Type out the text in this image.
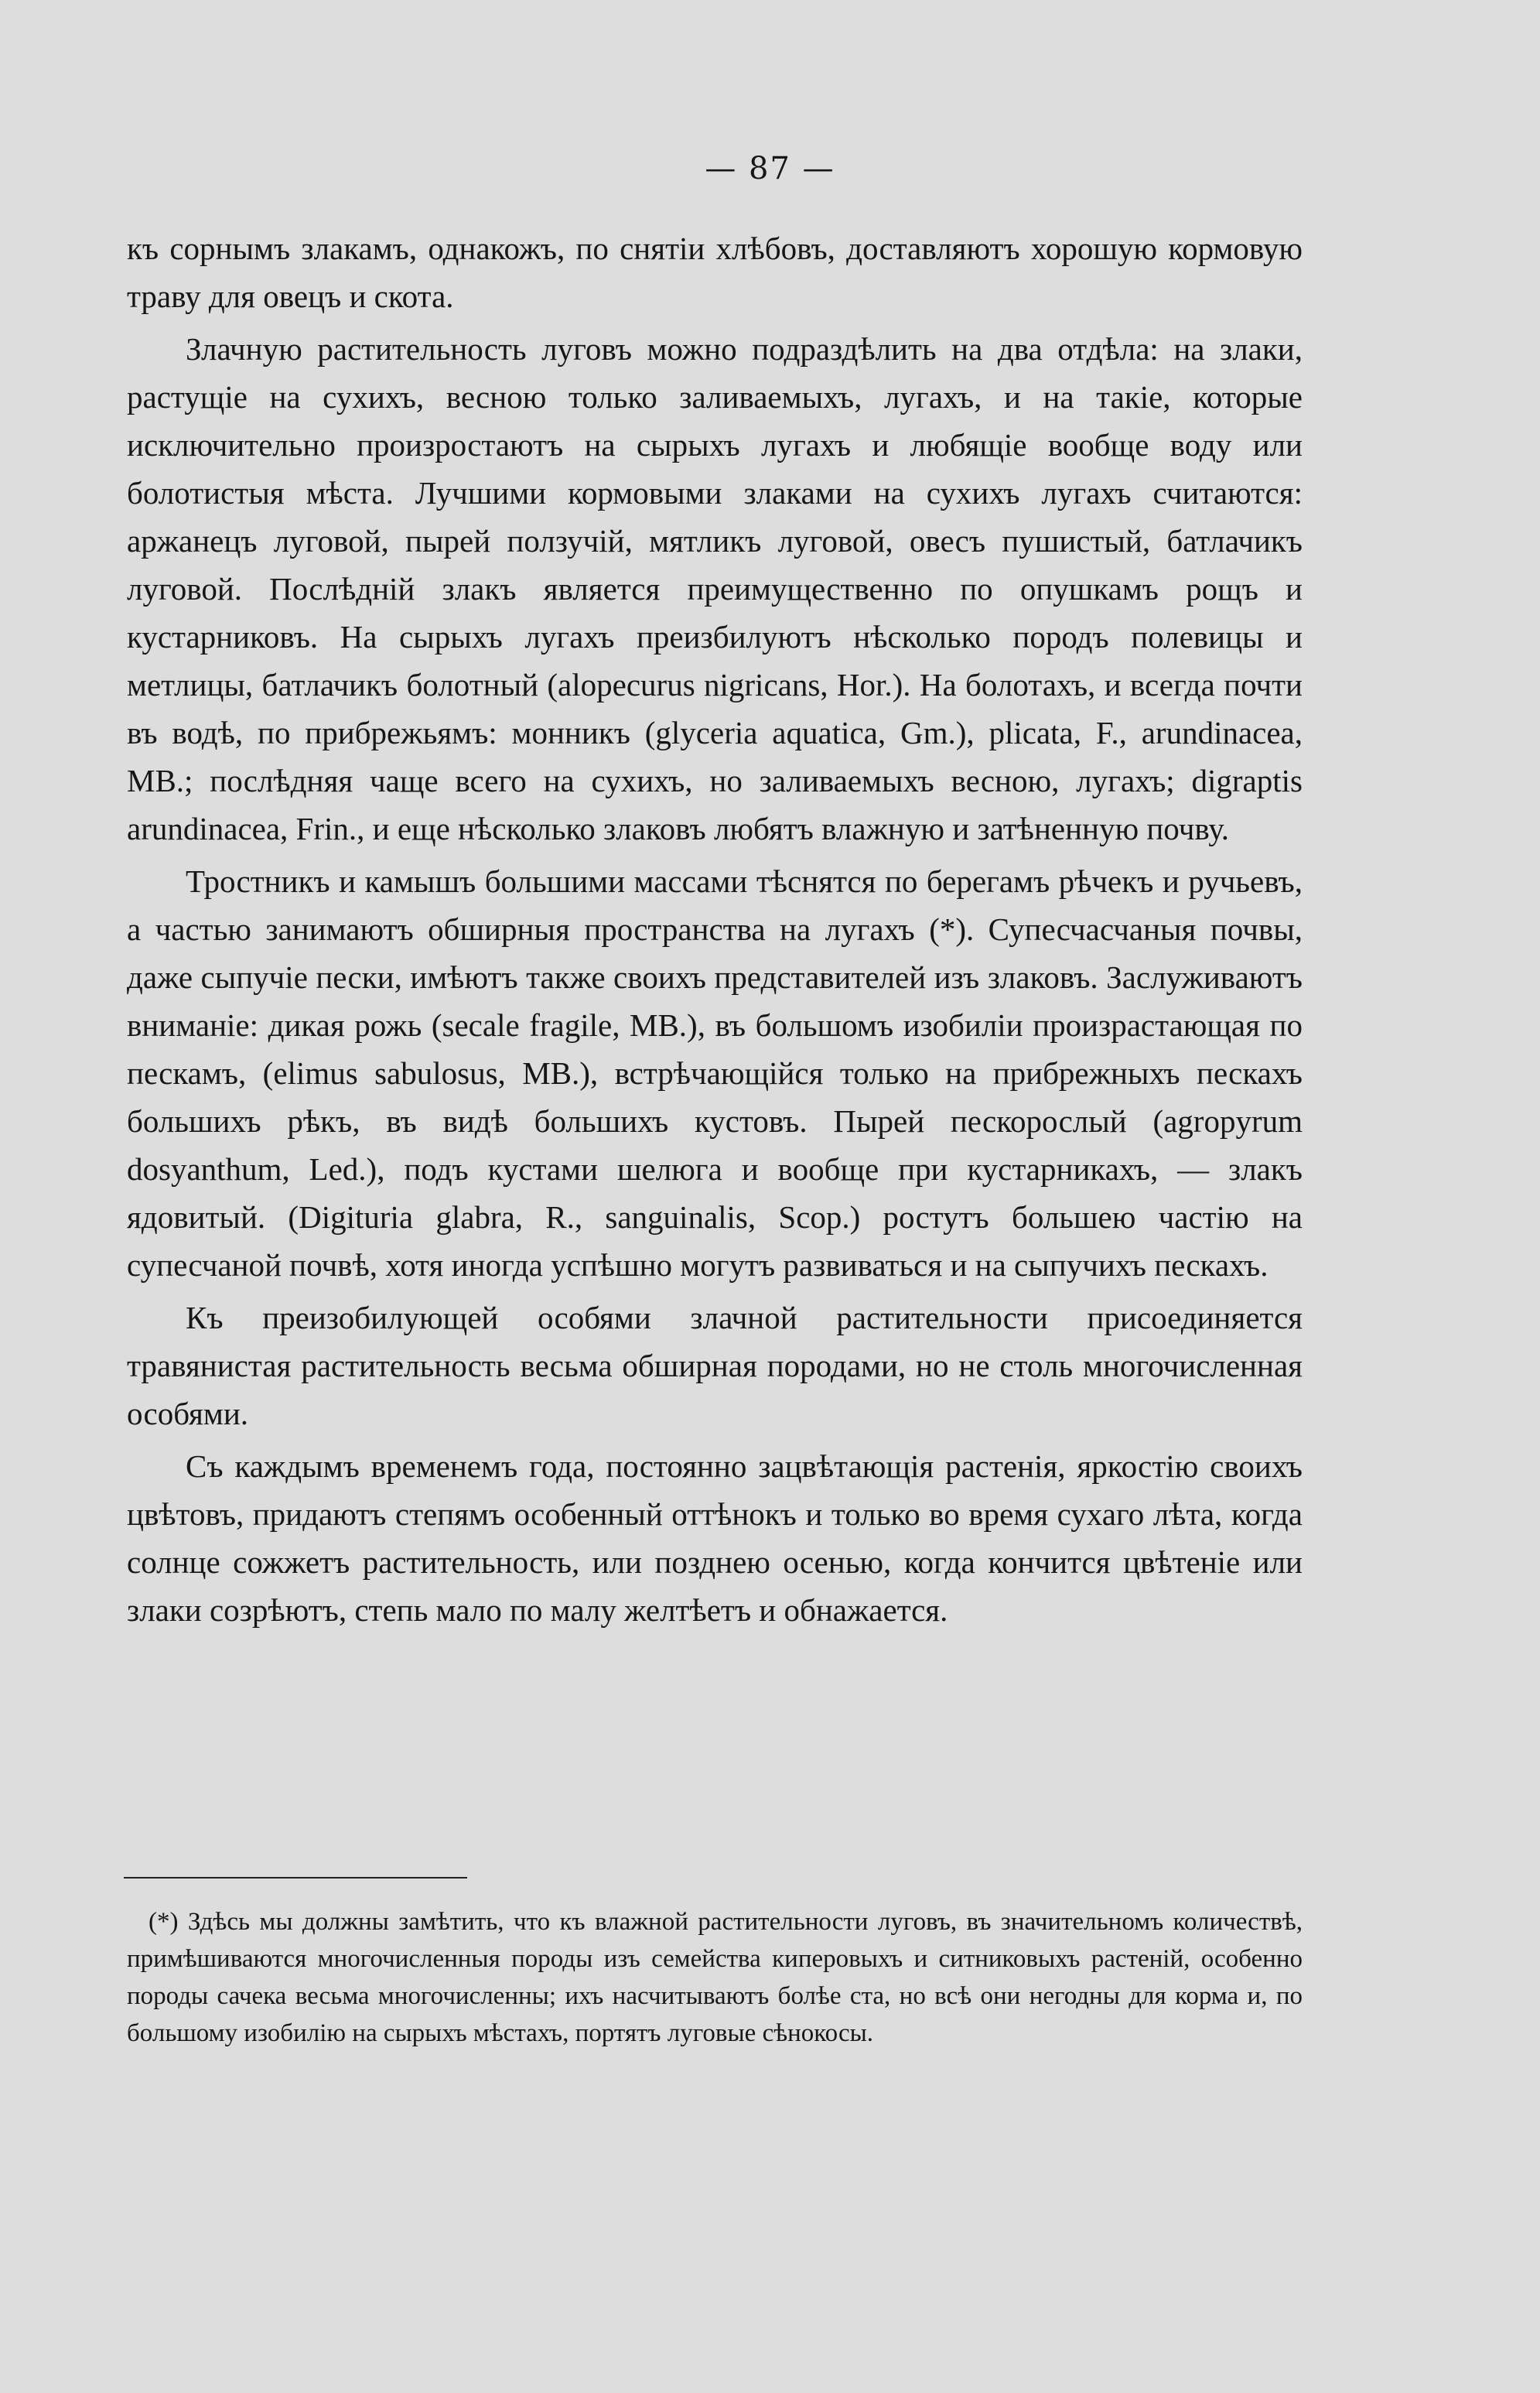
— 87 —

къ сорнымъ злакамъ, однакожъ, по снятіи хлѣбовъ, доставляютъ хорошую кормовую траву для овецъ и скота.

Злачную растительность луговъ можно подраздѣлить на два отдѣла: на злаки, растущіе на сухихъ, весною только заливаемыхъ, лугахъ, и на такіе, которые исключительно произростаютъ на сырыхъ лугахъ и любящіе вообще воду или болотистыя мѣста. Лучшими кормовыми злаками на сухихъ лугахъ считаются: аржанецъ луговой, пырей ползучій, мятликъ луговой, овесъ пушистый, батлачикъ луговой. Послѣдній злакъ является преимущественно по опушкамъ рощъ и кустарниковъ. На сырыхъ лугахъ преизбилуютъ нѣсколько породъ полевицы и метлицы, батлачикъ болотный (alopecurus nigricans, Hor.). На болотахъ, и всегда почти въ водѣ, по прибрежьямъ: монникъ (glyceria aquatica, Gm.), plicata, F., arundinacea, MB.; послѣдняя чаще всего на сухихъ, но заливаемыхъ весною, лугахъ; digraptis arundinacea, Frin., и еще нѣсколько злаковъ любятъ влажную и затѣненную почву.

Тростникъ и камышъ большими массами тѣснятся по берегамъ рѣчекъ и ручьевъ, а частью занимаютъ обширныя пространства на лугахъ (*). Супесчасчаныя почвы, даже сыпучіе пески, имѣютъ также своихъ представителей изъ злаковъ. Заслуживаютъ вниманіе: дикая рожь (secale fragile, MB.), въ большомъ изобиліи произрастающая по пескамъ, (elimus sabulosus, MB.), встрѣчающійся только на прибрежныхъ пескахъ большихъ рѣкъ, въ видѣ большихъ кустовъ. Пырей пескорослый (agropyrum dosyanthum, Led.), подъ кустами шелюга и вообще при кустарникахъ, — злакъ ядовитый. (Digituria glabra, R., sanguinalis, Scop.) ростутъ большею частію на супесчаной почвѣ, хотя иногда успѣшно могутъ развиваться и на сыпучихъ пескахъ.

Къ преизобилующей особями злачной растительности присоединяется травянистая растительность весьма обширная породами, но не столь многочисленная особями.

Съ каждымъ временемъ года, постоянно зацвѣтающія растенія, яркостію своихъ цвѣтовъ, придаютъ степямъ особенный оттѣнокъ и только во время сухаго лѣта, когда солнце сожжетъ растительность, или позднею осенью, когда кончится цвѣтеніе или злаки созрѣютъ, степь мало по малу желтѣетъ и обнажается.

(*) Здѣсь мы должны замѣтить, что къ влажной растительности луговъ, въ значительномъ количествѣ, примѣшиваются многочисленныя породы изъ семейства киперовыхъ и ситниковыхъ растеній, особенно породы сачека весьма многочисленны; ихъ насчитываютъ болѣе ста, но всѣ они негодны для корма и, по большому изобилію на сырыхъ мѣстахъ, портятъ луговые сѣнокосы.
